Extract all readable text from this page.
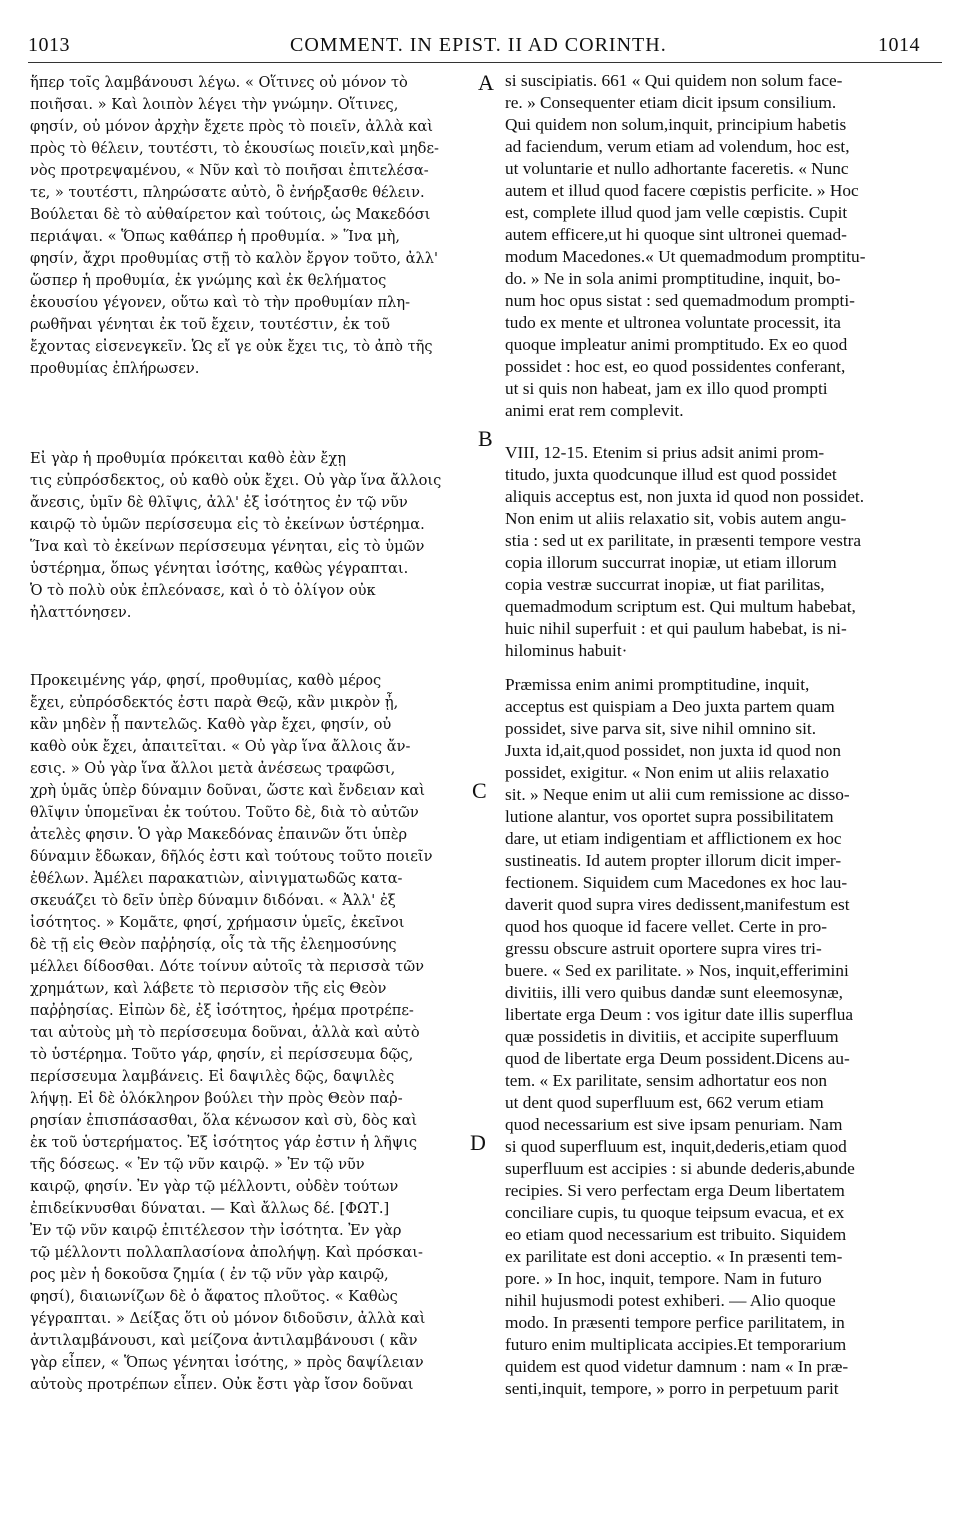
1013	COMMENT. IN EPIST. II AD CORINTH.	1014
ἥπερ τοῖς λαμβάνουσι λέγω. « Οἵτινες οὐ μόνον τὸ
ποιῆσαι. » Καὶ λοιπὸν λέγει τὴν γνώμην. Οἵτινες,
φησίν, οὐ μόνον ἀρχὴν ἔχετε πρὸς τὸ ποιεῖν, ἀλλὰ καὶ
πρὸς τὸ θέλειν, τουτέστι, τὸ ἑκουσίως ποιεῖν,καὶ μηδε-
νὸς προτρεψαμένου, « Νῦν καὶ τὸ ποιῆσαι ἐπιτελέσα-
τε, » τουτέστι, πληρώσατε αὐτὸ, ὃ ἐνήρξασθε θέλειν.
Βούλεται δὲ τὸ αὐθαίρετον καὶ τούτοις, ὡς Μακεδόσι
περιάψαι. « Ὅπως καθάπερ ἡ προθυμία. » Ἵνα μὴ,
φησίν, ἄχρι προθυμίας στῇ τὸ καλὸν ἔργον τοῦτο, ἀλλ'
ὥσπερ ἡ προθυμία, ἐκ γνώμης καὶ ἐκ θελήματος
ἑκουσίου γέγονεν, οὕτω καὶ τὸ τὴν προθυμίαν πλη-
ρωθῆναι γένηται ἐκ τοῦ ἔχειν, τουτέστιν, ἐκ τοῦ
ἔχοντας εἰσενεγκεῖν. Ὡς εἴ γε οὐκ ἔχει τις, τὸ ἀπὸ τῆς
προθυμίας ἐπλήρωσεν.
Εἰ γὰρ ἡ προθυμία πρόκειται καθὸ ἐὰν ἔχῃ
τις εὐπρόσδεκτος, οὐ καθὸ οὐκ ἔχει. Οὐ γὰρ ἵνα ἄλλοις
ἄνεσις, ὑμῖν δὲ θλῖψις, ἀλλ' ἐξ ἰσότητος ἐν τῷ νῦν
καιρῷ τὸ ὑμῶν περίσσευμα εἰς τὸ ἐκείνων ὑστέρημα.
Ἵνα καὶ τὸ ἐκείνων περίσσευμα γένηται, εἰς τὸ ὑμῶν
ὑστέρημα, ὅπως γένηται ἰσότης, καθὼς γέγραπται.
Ὁ τὸ πολὺ οὐκ ἐπλεόνασε, καὶ ὁ τὸ ὀλίγον οὐκ
ἠλαττόνησεν.
Προκειμένης γάρ, φησί, προθυμίας, καθὸ μέρος
ἔχει, εὐπρόσδεκτός ἐστι παρὰ Θεῷ, κἂν μικρὸν ᾖ,
κἂν μηδὲν ᾖ παντελῶς. Καθὸ γὰρ ἔχει, φησίν, οὐ
καθὸ οὐκ ἔχει, ἀπαιτεῖται. « Οὐ γὰρ ἵνα ἄλλοις ἄν-
εσις. » Οὐ γὰρ ἵνα ἄλλοι μετὰ ἀνέσεως τραφῶσι,
χρὴ ὑμᾶς ὑπὲρ δύναμιν δοῦναι, ὥστε καὶ ἔνδειαν καὶ
θλῖψιν ὑπομεῖναι ἐκ τούτου. Τοῦτο δὲ, διὰ τὸ αὐτῶν
ἀτελὲς φησιν. Ὁ γὰρ Μακεδόνας ἐπαινῶν ὅτι ὑπὲρ
δύναμιν ἔδωκαν, δῆλός ἐστι καὶ τούτους τοῦτο ποιεῖν
ἐθέλων. Ἀμέλει παρακατιὼν, αἰνιγματωδῶς κατα-
σκευάζει τὸ δεῖν ὑπὲρ δύναμιν διδόναι. « Ἀλλ' ἐξ
ἰσότητος. » Κομᾶτε, φησί, χρήμασιν ὑμεῖς, ἐκεῖνοι
δὲ τῇ εἰς Θεὸν παῤῥησίᾳ, οἷς τὰ τῆς ἐλεημοσύνης
μέλλει δίδοσθαι. Δότε τοίνυν αὐτοῖς τὰ περισσὰ τῶν
χρημάτων, καὶ λάβετε τὸ περισσὸν τῆς εἰς Θεὸν
παῤῥησίας. Εἰπὼν δὲ, ἐξ ἰσότητος, ἠρέμα προτρέπε-
ται αὐτοὺς μὴ τὸ περίσσευμα δοῦναι, ἀλλὰ καὶ αὐτὸ
τὸ ὑστέρημα. Τοῦτο γάρ, φησίν, εἰ περίσσευμα δῷς,
περίσσευμα λαμβάνεις. Εἰ δαψιλὲς δῷς, δαψιλὲς
λήψῃ. Εἰ δὲ ὁλόκληρον βούλει τὴν πρὸς Θεὸν παῤ-
ρησίαν ἐπισπάσασθαι, ὅλα κένωσον καὶ σὺ, δὸς καὶ
ἐκ τοῦ ὑστερήματος. Ἐξ ἰσότητος γάρ ἐστιν ἡ λῆψις
τῆς δόσεως. « Ἐν τῷ νῦν καιρῷ. » Ἐν τῷ νῦν
καιρῷ, φησίν. Ἐν γὰρ τῷ μέλλοντι, οὐδὲν τούτων
ἐπιδείκνυσθαι δύναται. — Καὶ ἄλλως δέ. [ΦΩΤ.]
Ἐν τῷ νῦν καιρῷ ἐπιτέλεσον τὴν ἰσότητα. Ἐν γὰρ
τῷ μέλλοντι πολλαπλασίονα ἀπολήψῃ. Καὶ πρόσκαι-
ρος μὲν ἡ δοκοῦσα ζημία ( ἐν τῷ νῦν γὰρ καιρῷ,
φησί), διαιωνίζων δὲ ὁ ἄφατος πλοῦτος. « Καθὼς
γέγραπται. » Δείξας ὅτι οὐ μόνον διδοῦσιν, ἀλλὰ καὶ
ἀντιλαμβάνουσι, καὶ μείζονα ἀντιλαμβάνουσι ( κἂν
γὰρ εἶπεν, « Ὅπως γένηται ἰσότης, » πρὸς δαψίλειαν
αὐτοὺς προτρέπων εἶπεν. Οὐκ ἔστι γὰρ ἴσον δοῦναι
A
B
C
D
si suscipiatis. 661 « Qui quidem non solum face-
re. » Consequenter etiam dicit ipsum consilium.
Qui quidem non solum,inquit, principium habetis
ad faciendum, verum etiam ad volendum, hoc est,
ut voluntarie et nullo adhortante faceretis. « Nunc
autem et illud quod facere cœpistis perficite. » Hoc
est, complete illud quod jam velle cœpistis. Cupit
autem efficere,ut hi quoque sint ultronei quemad-
modum Macedones.« Ut quemadmodum promptitu-
do. » Ne in sola animi promptitudine, inquit, bo-
num hoc opus sistat : sed quemadmodum prompti-
tudo ex mente et ultronea voluntate processit, ita
quoque impleatur animi promptitudo. Ex eo quod
possidet : hoc est, eo quod possidentes conferant,
ut si quis non habeat, jam ex illo quod prompti
animi erat rem complevit.
VIII, 12-15. Etenim si prius adsit animi prom-
titudo, juxta quodcunque illud est quod possidet
aliquis acceptus est, non juxta id quod non possidet.
Non enim ut aliis relaxatio sit, vobis autem angu-
stia : sed ut ex parilitate, in præsenti tempore vestra
copia illorum succurrat inopiæ, ut etiam illorum
copia vestræ succurrat inopiæ, ut fiat parilitas,
quemadmodum scriptum est. Qui multum habebat,
huic nihil superfuit : et qui paulum habebat, is ni-
hilominus habuit·
Præmissa enim animi promptitudine, inquit,
acceptus est quispiam a Deo juxta partem quam
possidet, sive parva sit, sive nihil omnino sit.
Juxta id,ait,quod possidet, non juxta id quod non
possidet, exigitur. « Non enim ut aliis relaxatio
sit. » Neque enim ut alii cum remissione ac disso-
lutione alantur, vos oportet supra possibilitatem
dare, ut etiam indigentiam et afflictionem ex hoc
sustineatis. Id autem propter illorum dicit imper-
fectionem. Siquidem cum Macedones ex hoc lau-
daverit quod supra vires dedissent,manifestum est
quod hos quoque id facere vellet. Certe in pro-
gressu obscure astruit oportere supra vires tri-
buere. « Sed ex parilitate. » Nos, inquit,efferimini
divitiis, illi vero quibus dandæ sunt eleemosynæ,
libertate erga Deum : vos igitur date illis superflua
quæ possidetis in divitiis, et accipite superfluum
quod de libertate erga Deum possident.Dicens au-
tem. « Ex parilitate, sensim adhortatur eos non
ut dent quod superfluum est, 662 verum etiam
quod necessarium est sive ipsam penuriam. Nam
si quod superfluum est, inquit,dederis,etiam quod
superfluum est accipies : si abunde dederis,abunde
recipies. Si vero perfectam erga Deum libertatem
conciliare cupis, tu quoque teipsum evacua, et ex
eo etiam quod necessarium est tribuito. Siquidem
ex parilitate est doni acceptio. « In præsenti tem-
pore. » In hoc, inquit, tempore. Nam in futuro
nihil hujusmodi potest exhiberi. — Alio quoque
modo. In præsenti tempore perfice parilitatem, in
futuro enim multiplicata accipies.Et temporarium
quidem est quod videtur damnum : nam « In præ-
senti,inquit, tempore, » porro in perpetuum parit
